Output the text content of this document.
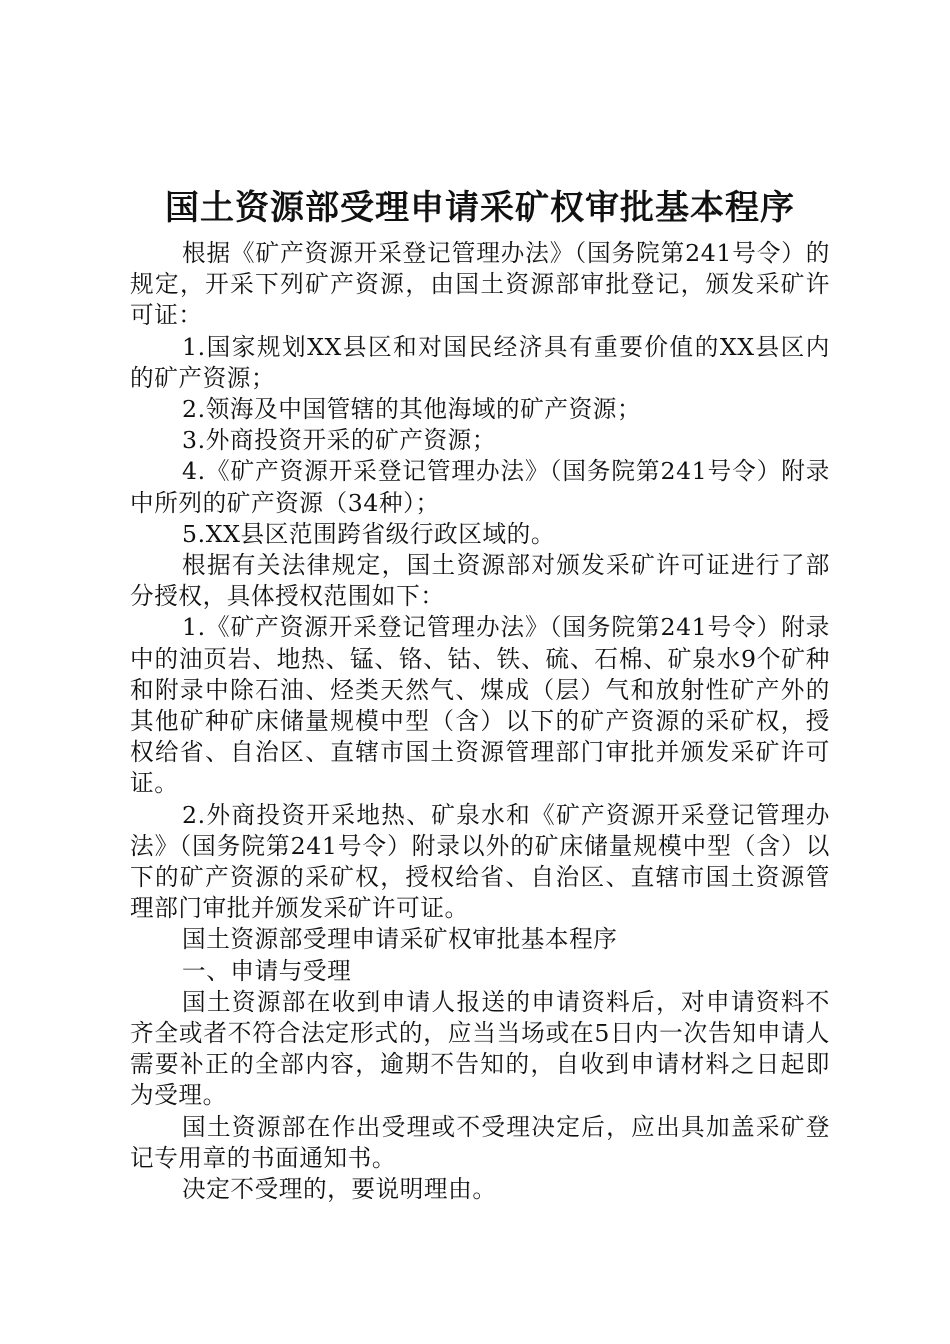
国土资源部受理申请采矿权审批基本程序

根据《矿产资源开采登记管理办法》（国务院第241号令）的规定，开采下列矿产资源，由国土资源部审批登记，颁发采矿许可证：

1.国家规划XX县区和对国民经济具有重要价值的XX县区内的矿产资源；

2.领海及中国管辖的其他海域的矿产资源；

3.外商投资开采的矿产资源；

4.《矿产资源开采登记管理办法》（国务院第241号令）附录中所列的矿产资源（34种）；

5.XX县区范围跨省级行政区域的。

根据有关法律规定，国土资源部对颁发采矿许可证进行了部分授权，具体授权范围如下：

1.《矿产资源开采登记管理办法》（国务院第241号令）附录中的油页岩、地热、锰、铬、钴、铁、硫、石棉、矿泉水9个矿种和附录中除石油、烃类天然气、煤成（层）气和放射性矿产外的其他矿种矿床储量规模中型（含）以下的矿产资源的采矿权，授权给省、自治区、直辖市国土资源管理部门审批并颁发采矿许可证。

2.外商投资开采地热、矿泉水和《矿产资源开采登记管理办法》（国务院第241号令）附录以外的矿床储量规模中型（含）以下的矿产资源的采矿权，授权给省、自治区、直辖市国土资源管理部门审批并颁发采矿许可证。

国土资源部受理申请采矿权审批基本程序

一、申请与受理

国土资源部在收到申请人报送的申请资料后，对申请资料不齐全或者不符合法定形式的，应当当场或在5日内一次告知申请人需要补正的全部内容，逾期不告知的，自收到申请材料之日起即为受理。

国土资源部在作出受理或不受理决定后，应出具加盖采矿登记专用章的书面通知书。

决定不受理的，要说明理由。
